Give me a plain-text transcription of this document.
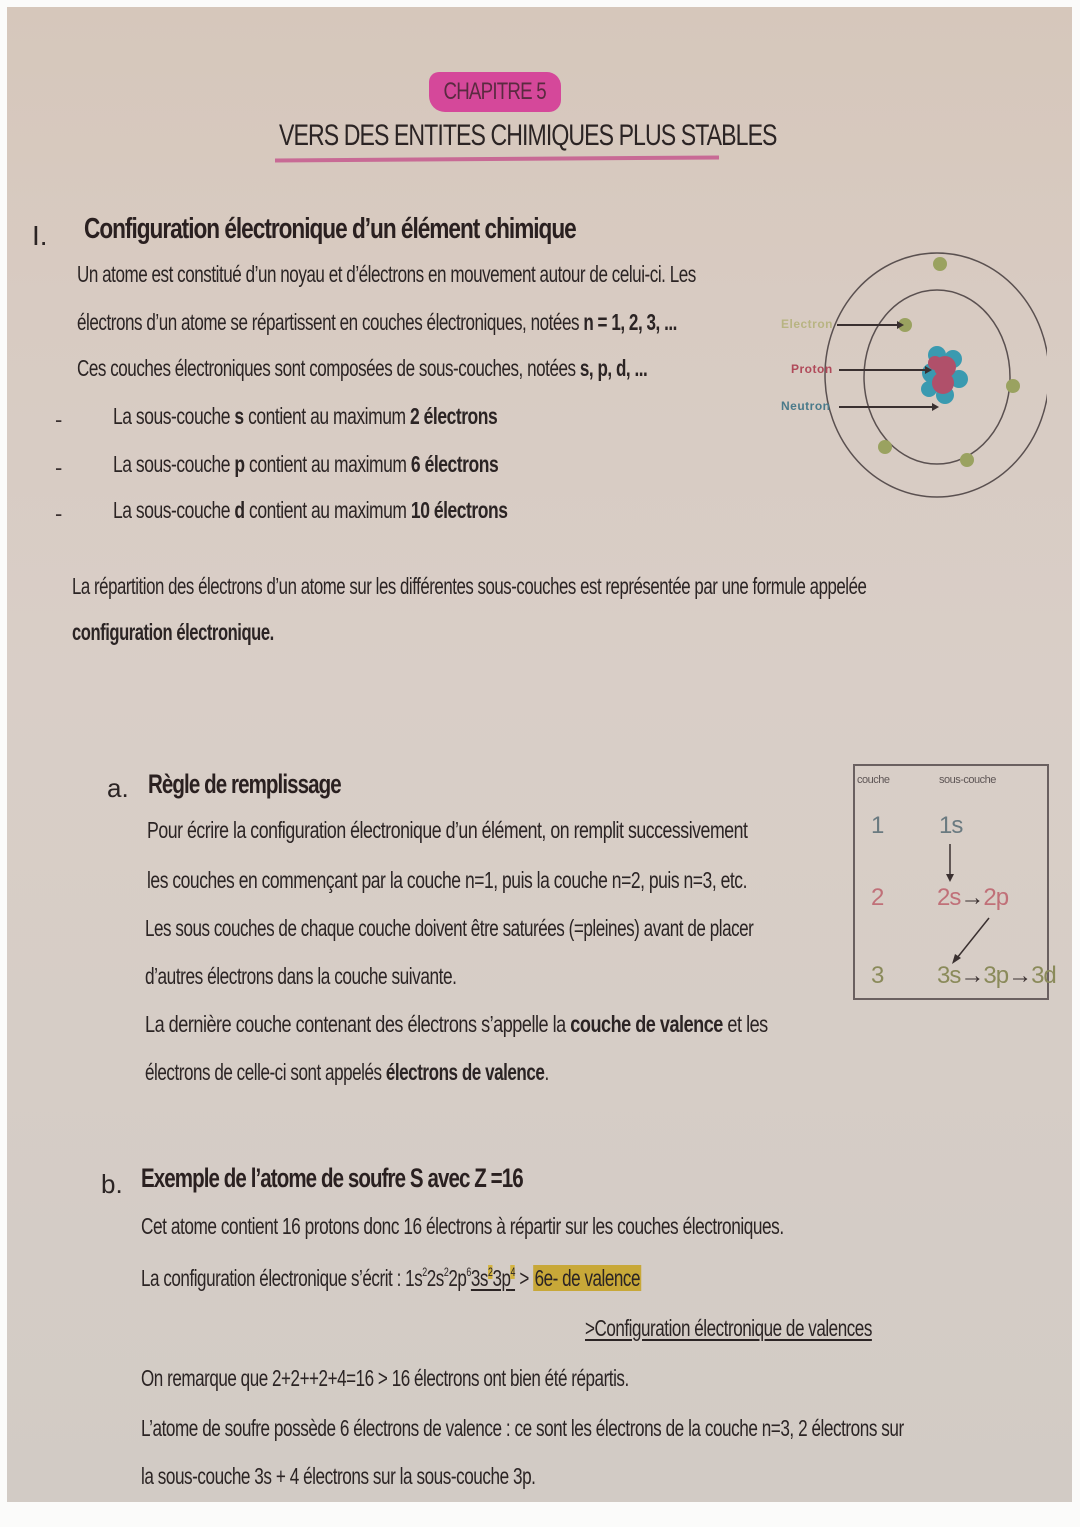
CHAPITRE 5
VERS DES ENTITES CHIMIQUES PLUS STABLES
I. Configuration électronique d’un élément chimique
Un atome est constitué d’un noyau et d’électrons en mouvement autour de celui-ci. Les
électrons d’un atome se répartissent en couches électroniques, notées n = 1, 2, 3, ...
Ces couches électroniques sont composées de sous-couches, notées s, p, d, ...
- La sous-couche s contient au maximum 2 électrons
- La sous-couche p contient au maximum 6 électrons
- La sous-couche d contient au maximum 10 électrons
Electron
Proton
Neutron
La répartition des électrons d’un atome sur les différentes sous-couches est représentée par une formule appelée
configuration électronique.
a. Règle de remplissage
Pour écrire la configuration électronique d’un élément, on remplit successivement
les couches en commençant par la couche n=1, puis la couche n=2, puis n=3, etc.
Les sous couches de chaque couche doivent être saturées (=pleines) avant de placer
d’autres électrons dans la couche suivante.
La dernière couche contenant des électrons s’appelle la couche de valence et les
électrons de celle-ci sont appelés électrons de valence.
couche	sous-couche
1 1s
2 2s→2p
3 3s→3p→3d
b. Exemple de l’atome de soufre S avec Z =16
Cet atome contient 16 protons donc 16 électrons à répartir sur les couches électroniques.
La configuration électronique s’écrit : $1s^22s^22p^63s^23p^4 > 6e-$ de valence
>Configuration électronique de valences
On remarque que 2+2++2+4=16 > 16 électrons ont bien été répartis.
L’atome de soufre possède 6 électrons de valence : ce sont les électrons de la couche n=3, 2 électrons sur
la sous-couche 3s + 4 électrons sur la sous-couche 3p.
